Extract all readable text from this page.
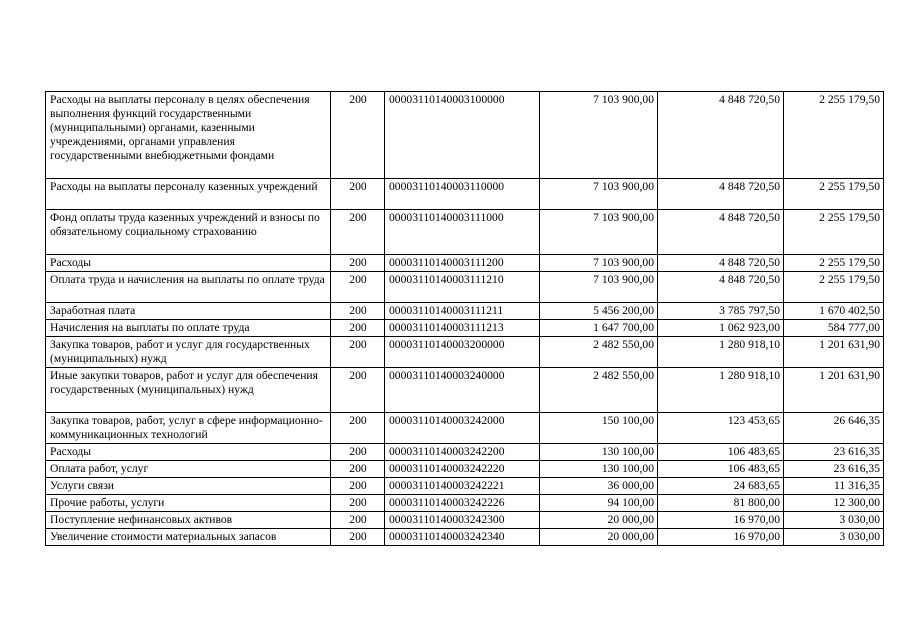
Расходы на выплаты персоналу в целях обеспечения выполнения функций государственными (муниципальными) органами, казенными учреждениями, органами управления государственными внебюджетными фондами	200	00003110140003100000	7 103 900,00	4 848 720,50	2 255 179,50
Расходы на выплаты персоналу казенных учреждений	200	00003110140003110000	7 103 900,00	4 848 720,50	2 255 179,50
Фонд оплаты труда казенных учреждений и взносы по обязательному социальному страхованию	200	00003110140003111000	7 103 900,00	4 848 720,50	2 255 179,50
Расходы	200	00003110140003111200	7 103 900,00	4 848 720,50	2 255 179,50
Оплата труда и начисления на выплаты по оплате труда	200	00003110140003111210	7 103 900,00	4 848 720,50	2 255 179,50
Заработная плата	200	00003110140003111211	5 456 200,00	3 785 797,50	1 670 402,50
Начисления на выплаты по оплате труда	200	00003110140003111213	1 647 700,00	1 062 923,00	584 777,00
Закупка товаров, работ и услуг для государственных (муниципальных) нужд	200	00003110140003200000	2 482 550,00	1 280 918,10	1 201 631,90
Иные закупки товаров, работ и услуг для обеспечения государственных (муниципальных) нужд	200	00003110140003240000	2 482 550,00	1 280 918,10	1 201 631,90
Закупка товаров, работ, услуг в сфере информационно-коммуникационных технологий	200	00003110140003242000	150 100,00	123 453,65	26 646,35
Расходы	200	00003110140003242200	130 100,00	106 483,65	23 616,35
Оплата работ, услуг	200	00003110140003242220	130 100,00	106 483,65	23 616,35
Услуги связи	200	00003110140003242221	36 000,00	24 683,65	11 316,35
Прочие работы, услуги	200	00003110140003242226	94 100,00	81 800,00	12 300,00
Поступление нефинансовых активов	200	00003110140003242300	20 000,00	16 970,00	3 030,00
Увеличение стоимости материальных запасов	200	00003110140003242340	20 000,00	16 970,00	3 030,00
